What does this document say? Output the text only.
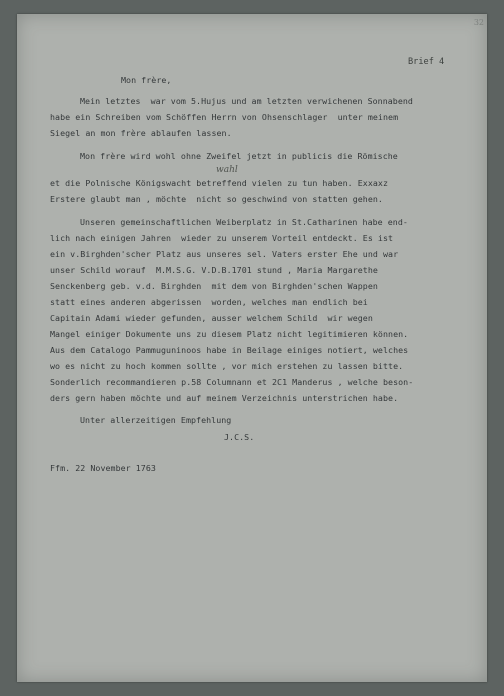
32
Brief 4
Mon frère,
Mein letztes  war vom 5.Hujus und am letzten verwichenen Sonnabend
habe ein Schreiben vom Schöffen Herrn von Ohsenschlager  unter meinem
Siegel an mon frère ablaufen lassen.
wahl
Mon frère wird wohl ohne Zweifel jetzt in publicis die Römische
et die Polnische Königswacht betreffend vielen zu tun haben. Exxaxz
Erstere glaubt man , möchte  nicht so geschwind von statten gehen.
Unseren gemeinschaftlichen Weiberplatz in St.Catharinen habe end-
lich nach einigen Jahren  wieder zu unserem Vorteil entdeckt. Es ist
ein v.Birghden'scher Platz aus unseres sel. Vaters erster Ehe und war
unser Schild worauf  M.M.S.G. V.D.B.1701 stund , Maria Margarethe
Senckenberg geb. v.d. Birghden  mit dem von Birghden'schen Wappen
statt eines anderen abgerissen  worden, welches man endlich bei
Capitain Adami wieder gefunden, ausser welchem Schild  wir wegen
Mangel einiger Dokumente uns zu diesem Platz nicht legitimieren können.
Aus dem Catalogo Pammuguninoos habe in Beilage einiges notiert, welches
wo es nicht zu hoch kommen sollte , vor mich erstehen zu lassen bitte.
Sonderlich recommandieren p.58 Columnann et 2C1 Manderus , welche beson-
ders gern haben möchte und auf meinem Verzeichnis unterstrichen habe.
Unter allerzeitigen Empfehlung
J.C.S.
Ffm. 22 November 1763
